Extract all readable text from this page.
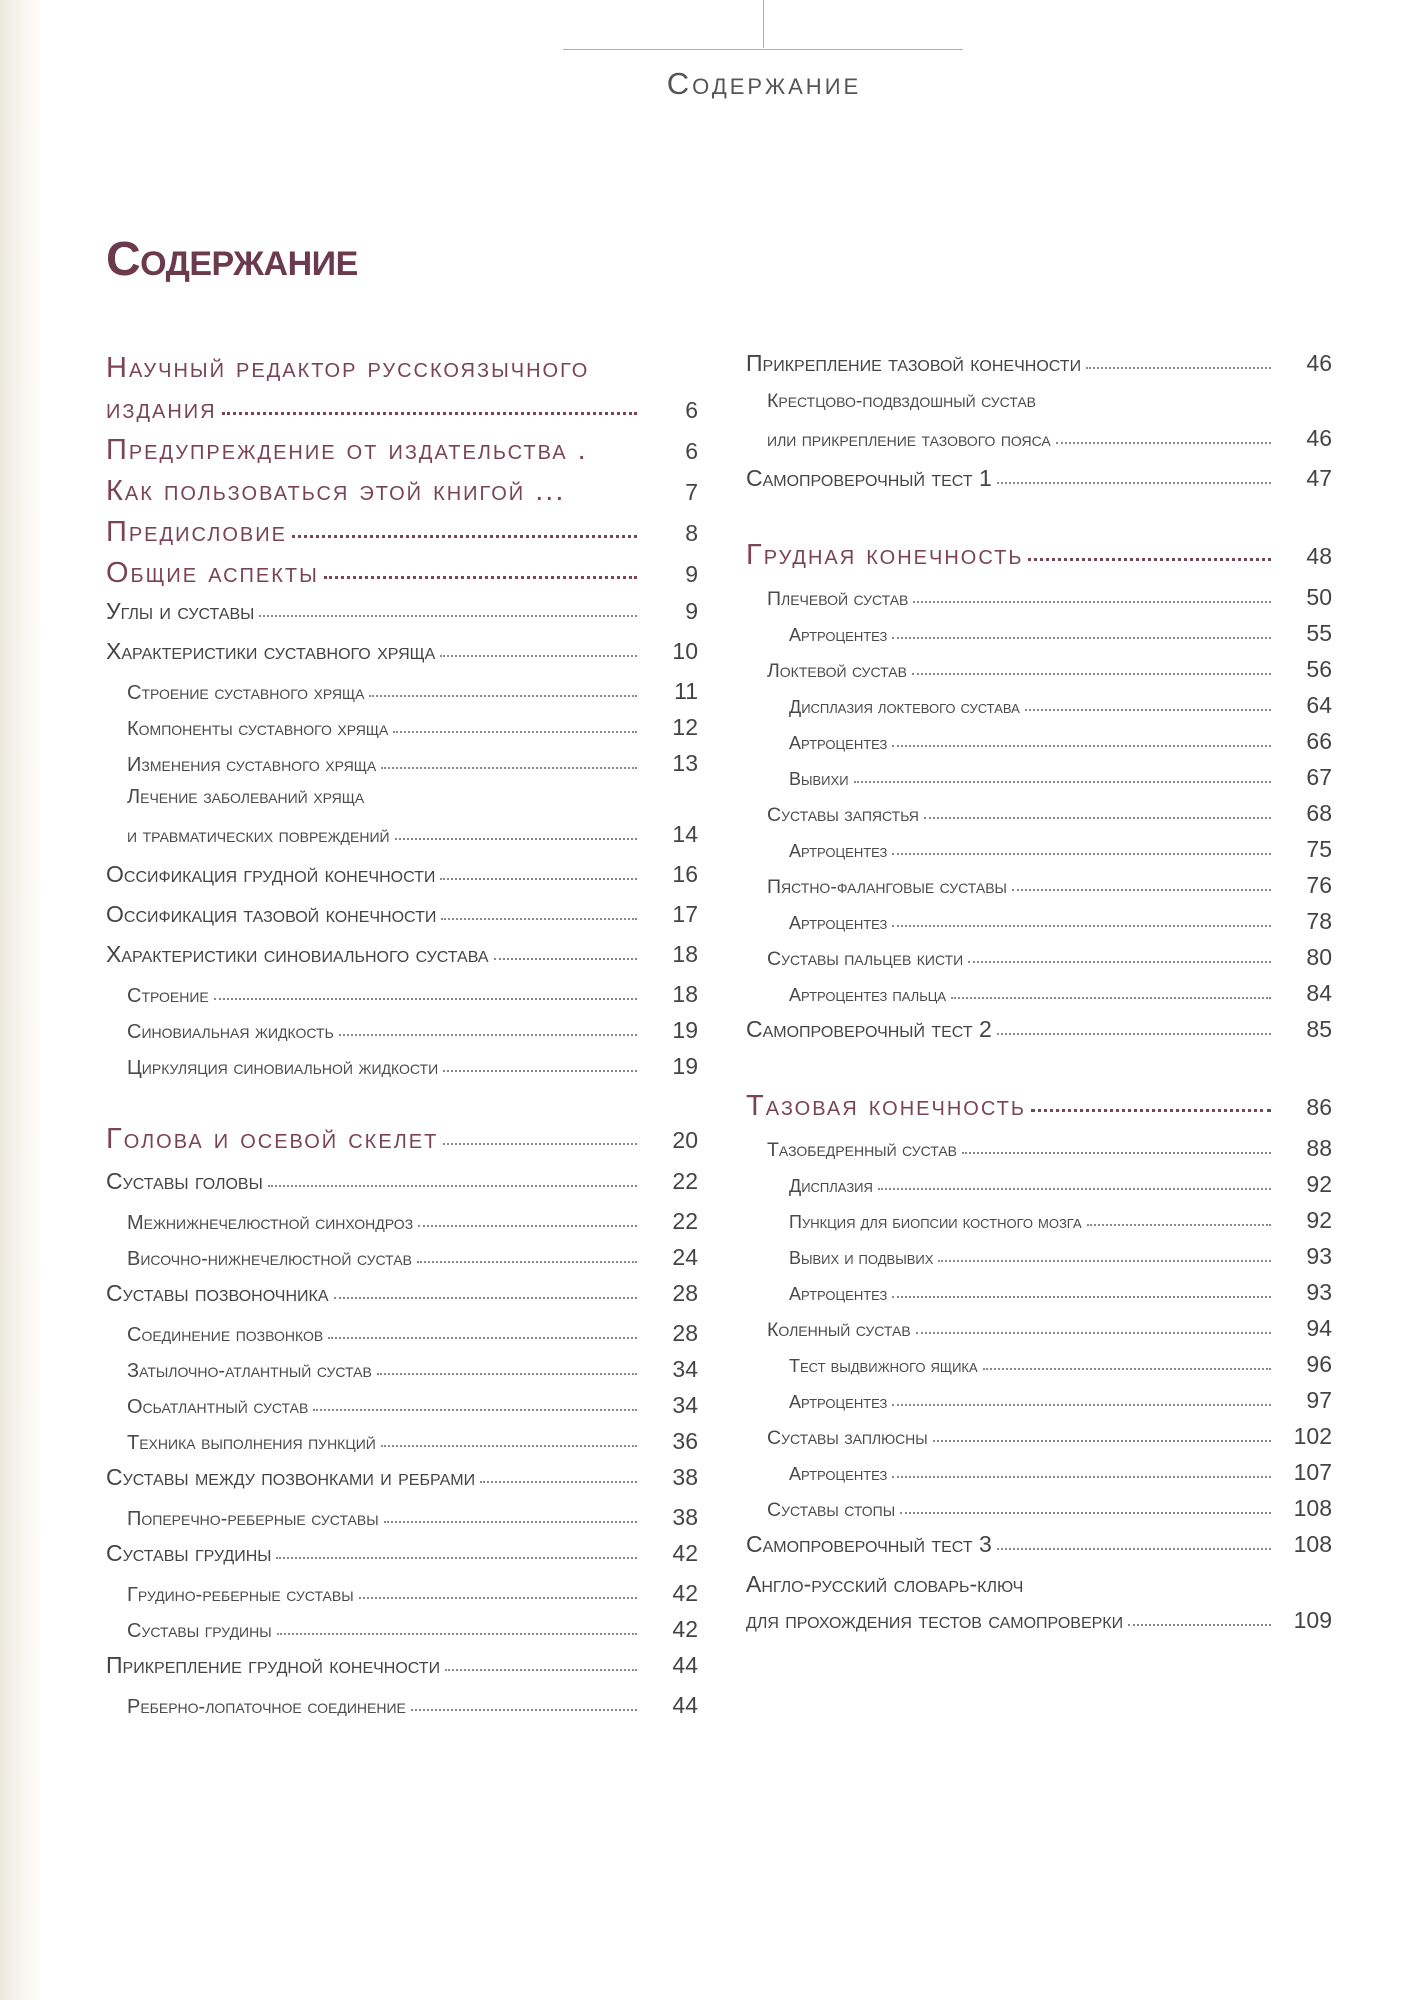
Содержание
Содержание
Научный редактор русскоязычного
издания	6
Предупреждение от издательства .	6
Как пользоваться этой книгой ...	7
Предисловие	8
Общие аспекты	9
Углы и суставы	9
Характеристики суставного хряща	10
Строение суставного хряща	11
Компоненты суставного хряща	12
Изменения суставного хряща	13
Лечение заболеваний хряща
и травматических повреждений	14
Оссификация грудной конечности	16
Оссификация тазовой конечности	17
Характеристики синовиального сустава	18
Строение	18
Синовиальная жидкость	19
Циркуляция синовиальной жидкости	19
Голова и осевой скелет	20
Суставы головы	22
Межнижнечелюстной синхондроз	22
Височно-нижнечелюстной сустав	24
Суставы позвоночника	28
Соединение позвонков	28
Затылочно-атлантный сустав	34
Осьатлантный сустав	34
Техника выполнения пункций	36
Суставы между позвонками и ребрами	38
Поперечно-реберные суставы	38
Суставы грудины	42
Грудино-реберные суставы	42
Суставы грудины	42
Прикрепление грудной конечности	44
Реберно-лопаточное соединение	44
Прикрепление тазовой конечности	46
Крестцово-подвздошный сустав
или прикрепление тазового пояса	46
Самопроверочный тест 1	47
Грудная конечность	48
Плечевой сустав	50
Артроцентез	55
Локтевой сустав	56
Дисплазия локтевого сустава	64
Артроцентез	66
Вывихи	67
Суставы запястья	68
Артроцентез	75
Пястно-фаланговые суставы	76
Артроцентез	78
Суставы пальцев кисти	80
Артроцентез пальца	84
Самопроверочный тест 2	85
Тазовая конечность	86
Тазобедренный сустав	88
Дисплазия	92
Пункция для биопсии костного мозга	92
Вывих и подвывих	93
Артроцентез	93
Коленный сустав	94
Тест выдвижного ящика	96
Артроцентез	97
Суставы заплюсны	102
Артроцентез	107
Суставы стопы	108
Самопроверочный тест 3	108
Англо-русский словарь-ключ
для прохождения тестов самопроверки	109
